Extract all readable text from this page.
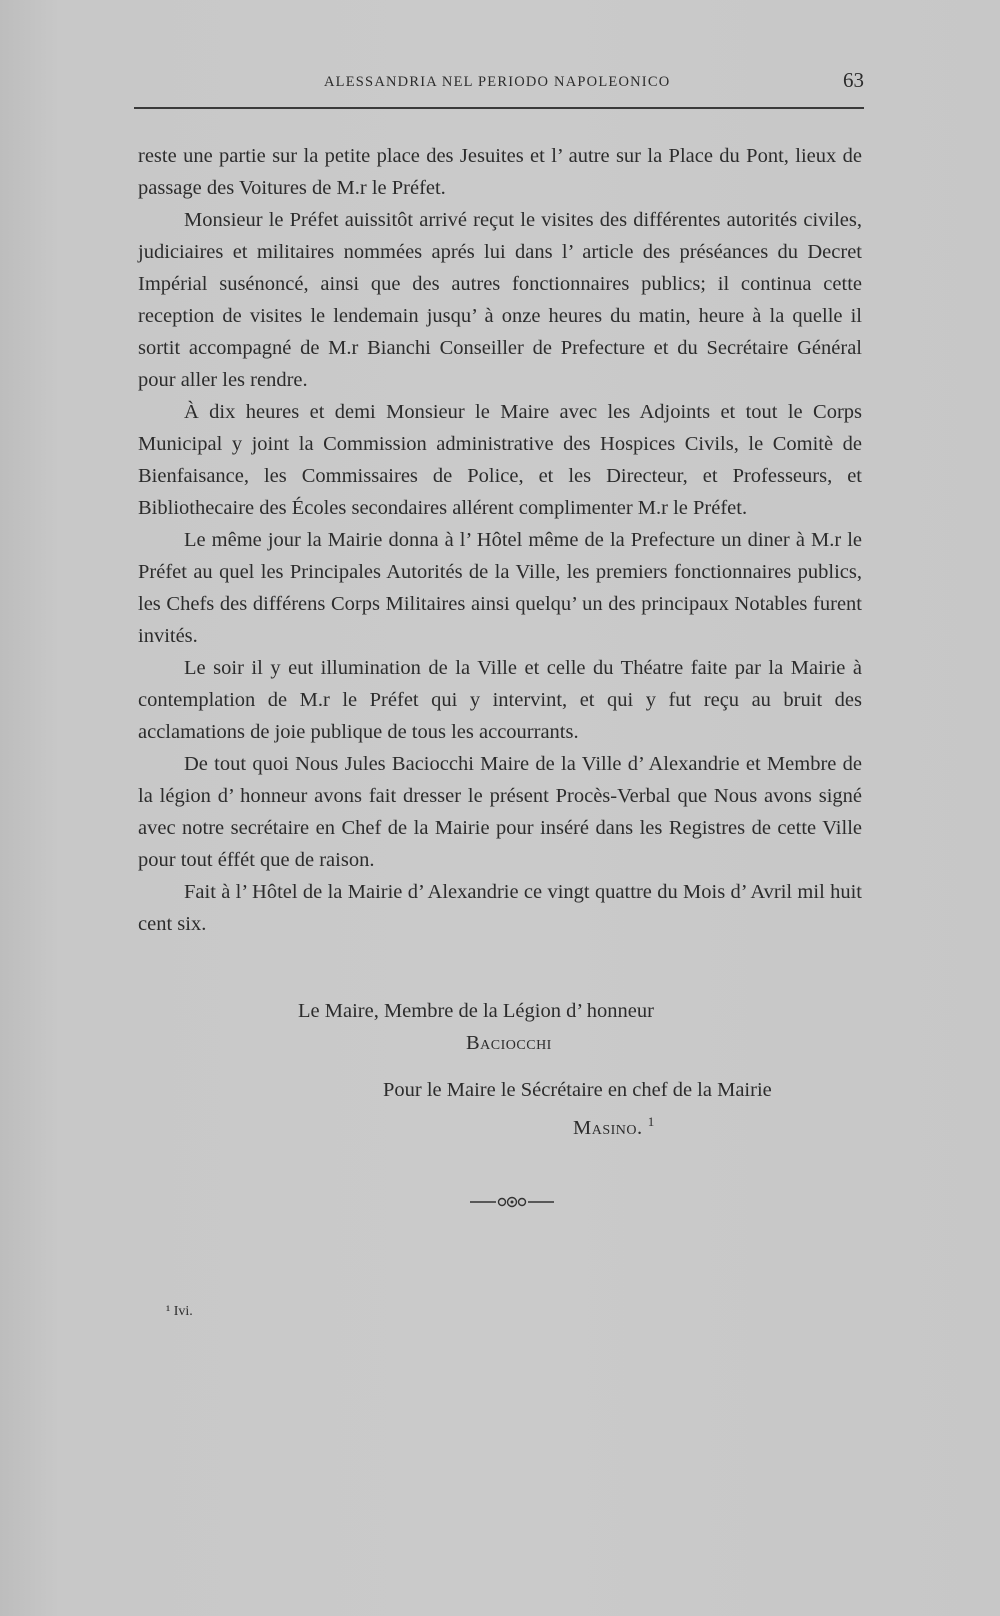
ALESSANDRIA NEL PERIODO NAPOLEONICO	63

reste une partie sur la petite place des Jesuites et l’ autre sur la Place du Pont, lieux de passage des Voitures de M.r le Préfet.

Monsieur le Préfet auissitôt arrivé reçut le visites des différentes autorités civiles, judiciaires et militaires nommées aprés lui dans l’ article des préséances du Decret Impérial susénoncé, ainsi que des autres fonctionnaires publics; il continua cette reception de visites le lendemain jusqu’ à onze heures du matin, heure à la quelle il sortit accompagné de M.r Bianchi Conseiller de Prefecture et du Secrétaire Général pour aller les rendre.

À dix heures et demi Monsieur le Maire avec les Adjoints et tout le Corps Municipal y joint la Commission administrative des Hospices Civils, le Comitè de Bienfaisance, les Commissaires de Police, et les Directeur, et Professeurs, et Bibliothecaire des Écoles secondaires allérent complimenter M.r le Préfet.

Le même jour la Mairie donna à l’ Hôtel même de la Prefecture un diner à M.r le Préfet au quel les Principales Autorités de la Ville, les premiers fonctionnaires publics, les Chefs des différens Corps Militaires ainsi quelqu’ un des principaux Notables furent invités.

Le soir il y eut illumination de la Ville et celle du Théatre faite par la Mairie à contemplation de M.r le Préfet qui y intervint, et qui y fut reçu au bruit des acclamations de joie publique de tous les accourrants.

De tout quoi Nous Jules Baciocchi Maire de la Ville d’ Alexandrie et Membre de la légion d’ honneur avons fait dresser le présent Procès-Verbal que Nous avons signé avec notre secrétaire en Chef de la Mairie pour inséré dans les Registres de cette Ville pour tout éffét que de raison.

Fait à l’ Hôtel de la Mairie d’ Alexandrie ce vingt quattre du Mois d’ Avril mil huit cent six.

Le Maire, Membre de la Légion d’ honneur
Baciocchi
Pour le Maire le Sécrétaire en chef de la Mairie
Masino. $^1$
¹ Ivi.
